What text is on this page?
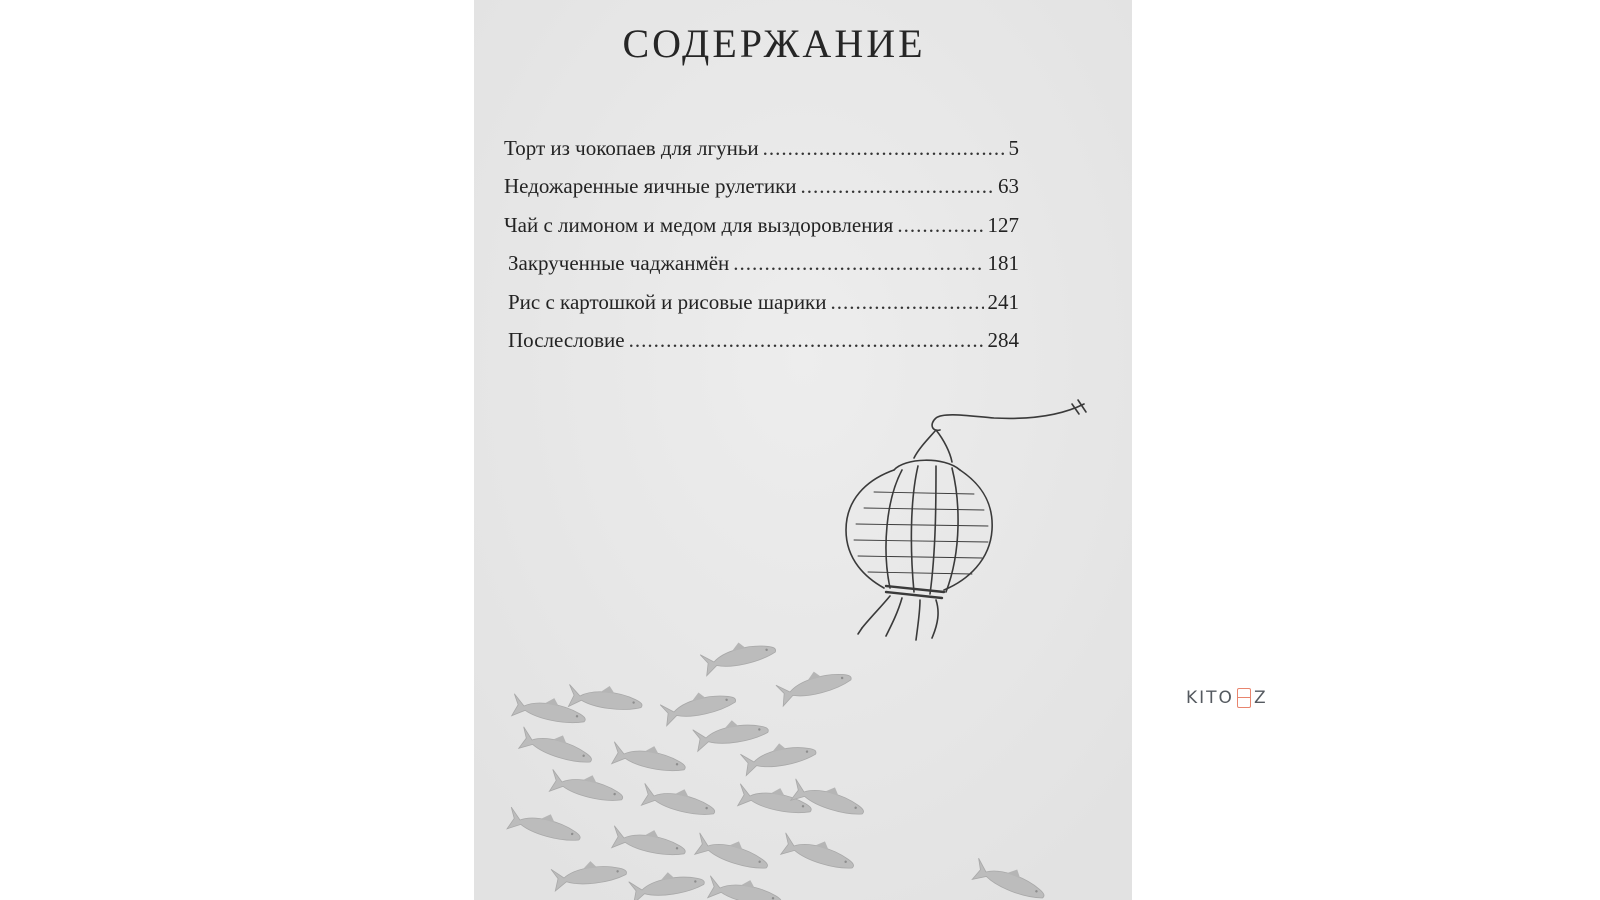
СОДЕРЖАНИЕ
Торт из чокопаев для лгуньи .....	5
Недожаренные яичные рулетики .....	63
Чай с лимоном и медом для выздоровления .....	127
Закрученные чаджанмён .....	181
Рис с картошкой и рисовые шарики .....	241
Послесловие .....	284
KITO Z
